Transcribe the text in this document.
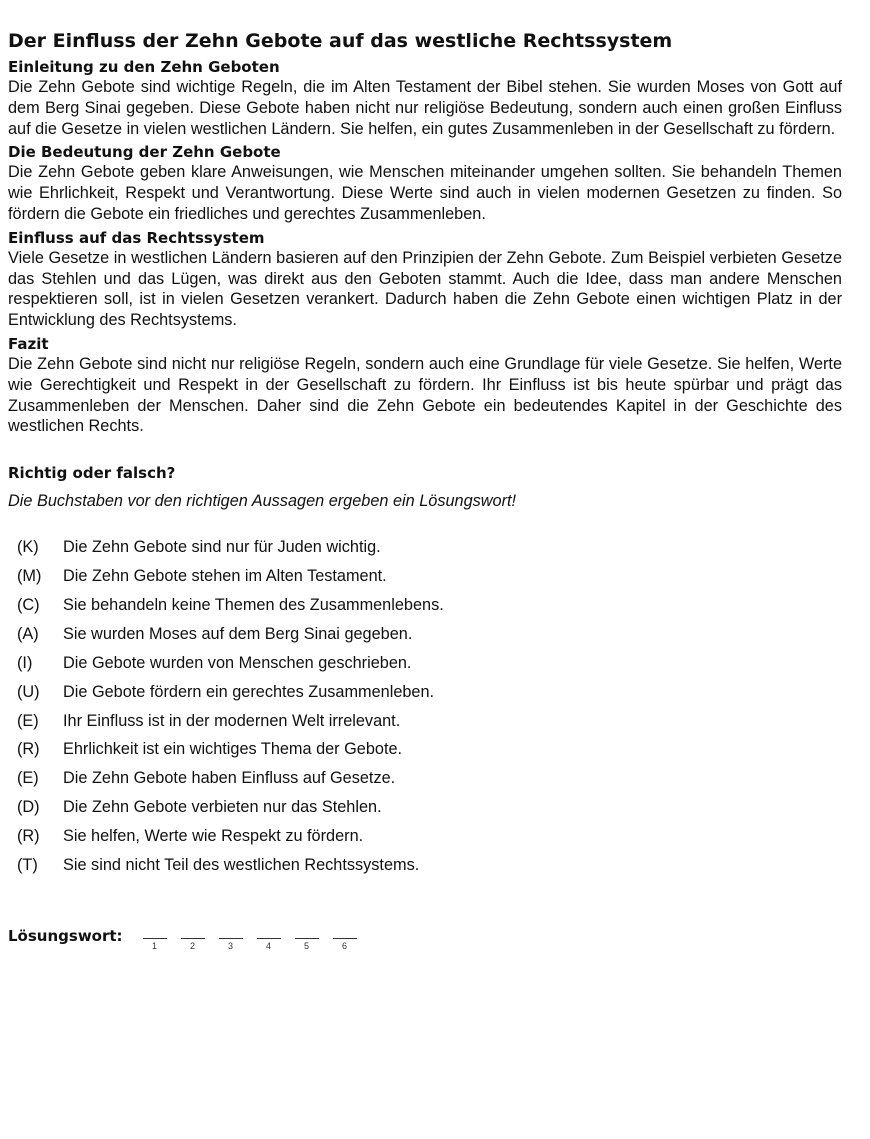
Der Einfluss der Zehn Gebote auf das westliche Rechtssystem
Einleitung zu den Zehn Geboten

Die Zehn Gebote sind wichtige Regeln, die im Alten Testament der Bibel stehen. Sie wurden Moses von Gott auf dem Berg Sinai gegeben. Diese Gebote haben nicht nur religiöse Bedeutung, sondern auch einen großen Einfluss auf die Gesetze in vielen westlichen Ländern. Sie helfen, ein gutes Zusammenleben in der Gesellschaft zu fördern.

Die Bedeutung der Zehn Gebote

Die Zehn Gebote geben klare Anweisungen, wie Menschen miteinander umgehen sollten. Sie behandeln Themen wie Ehrlichkeit, Respekt und Verantwortung. Diese Werte sind auch in vielen modernen Gesetzen zu finden. So fördern die Gebote ein friedliches und gerechtes Zusammenleben.

Einfluss auf das Rechtssystem

Viele Gesetze in westlichen Ländern basieren auf den Prinzipien der Zehn Gebote. Zum Beispiel verbieten Gesetze das Stehlen und das Lügen, was direkt aus den Geboten stammt. Auch die Idee, dass man andere Menschen respektieren soll, ist in vielen Gesetzen verankert. Dadurch haben die Zehn Gebote einen wichtigen Platz in der Entwicklung des Rechtsystems.

Fazit

Die Zehn Gebote sind nicht nur religiöse Regeln, sondern auch eine Grundlage für viele Gesetze. Sie helfen, Werte wie Gerechtigkeit und Respekt in der Gesellschaft zu fördern. Ihr Einfluss ist bis heute spürbar und prägt das Zusammenleben der Menschen. Daher sind die Zehn Gebote ein bedeutendes Kapitel in der Geschichte des westlichen Rechts.

Richtig oder falsch?

Die Buchstaben vor den richtigen Aussagen ergeben ein Lösungswort!

(K)	Die Zehn Gebote sind nur für Juden wichtig.
(M)	Die Zehn Gebote stehen im Alten Testament.
(C)	Sie behandeln keine Themen des Zusammenlebens.
(A)	Sie wurden Moses auf dem Berg Sinai gegeben.
(I)	Die Gebote wurden von Menschen geschrieben.
(U)	Die Gebote fördern ein gerechtes Zusammenleben.
(E)	Ihr Einfluss ist in der modernen Welt irrelevant.
(R)	Ehrlichkeit ist ein wichtiges Thema der Gebote.
(E)	Die Zehn Gebote haben Einfluss auf Gesetze.
(D)	Die Zehn Gebote verbieten nur das Stehlen.
(R)	Sie helfen, Werte wie Respekt zu fördern.
(T)	Sie sind nicht Teil des westlichen Rechtssystems.
Lösungswort:
1	2	3	4	5	6
